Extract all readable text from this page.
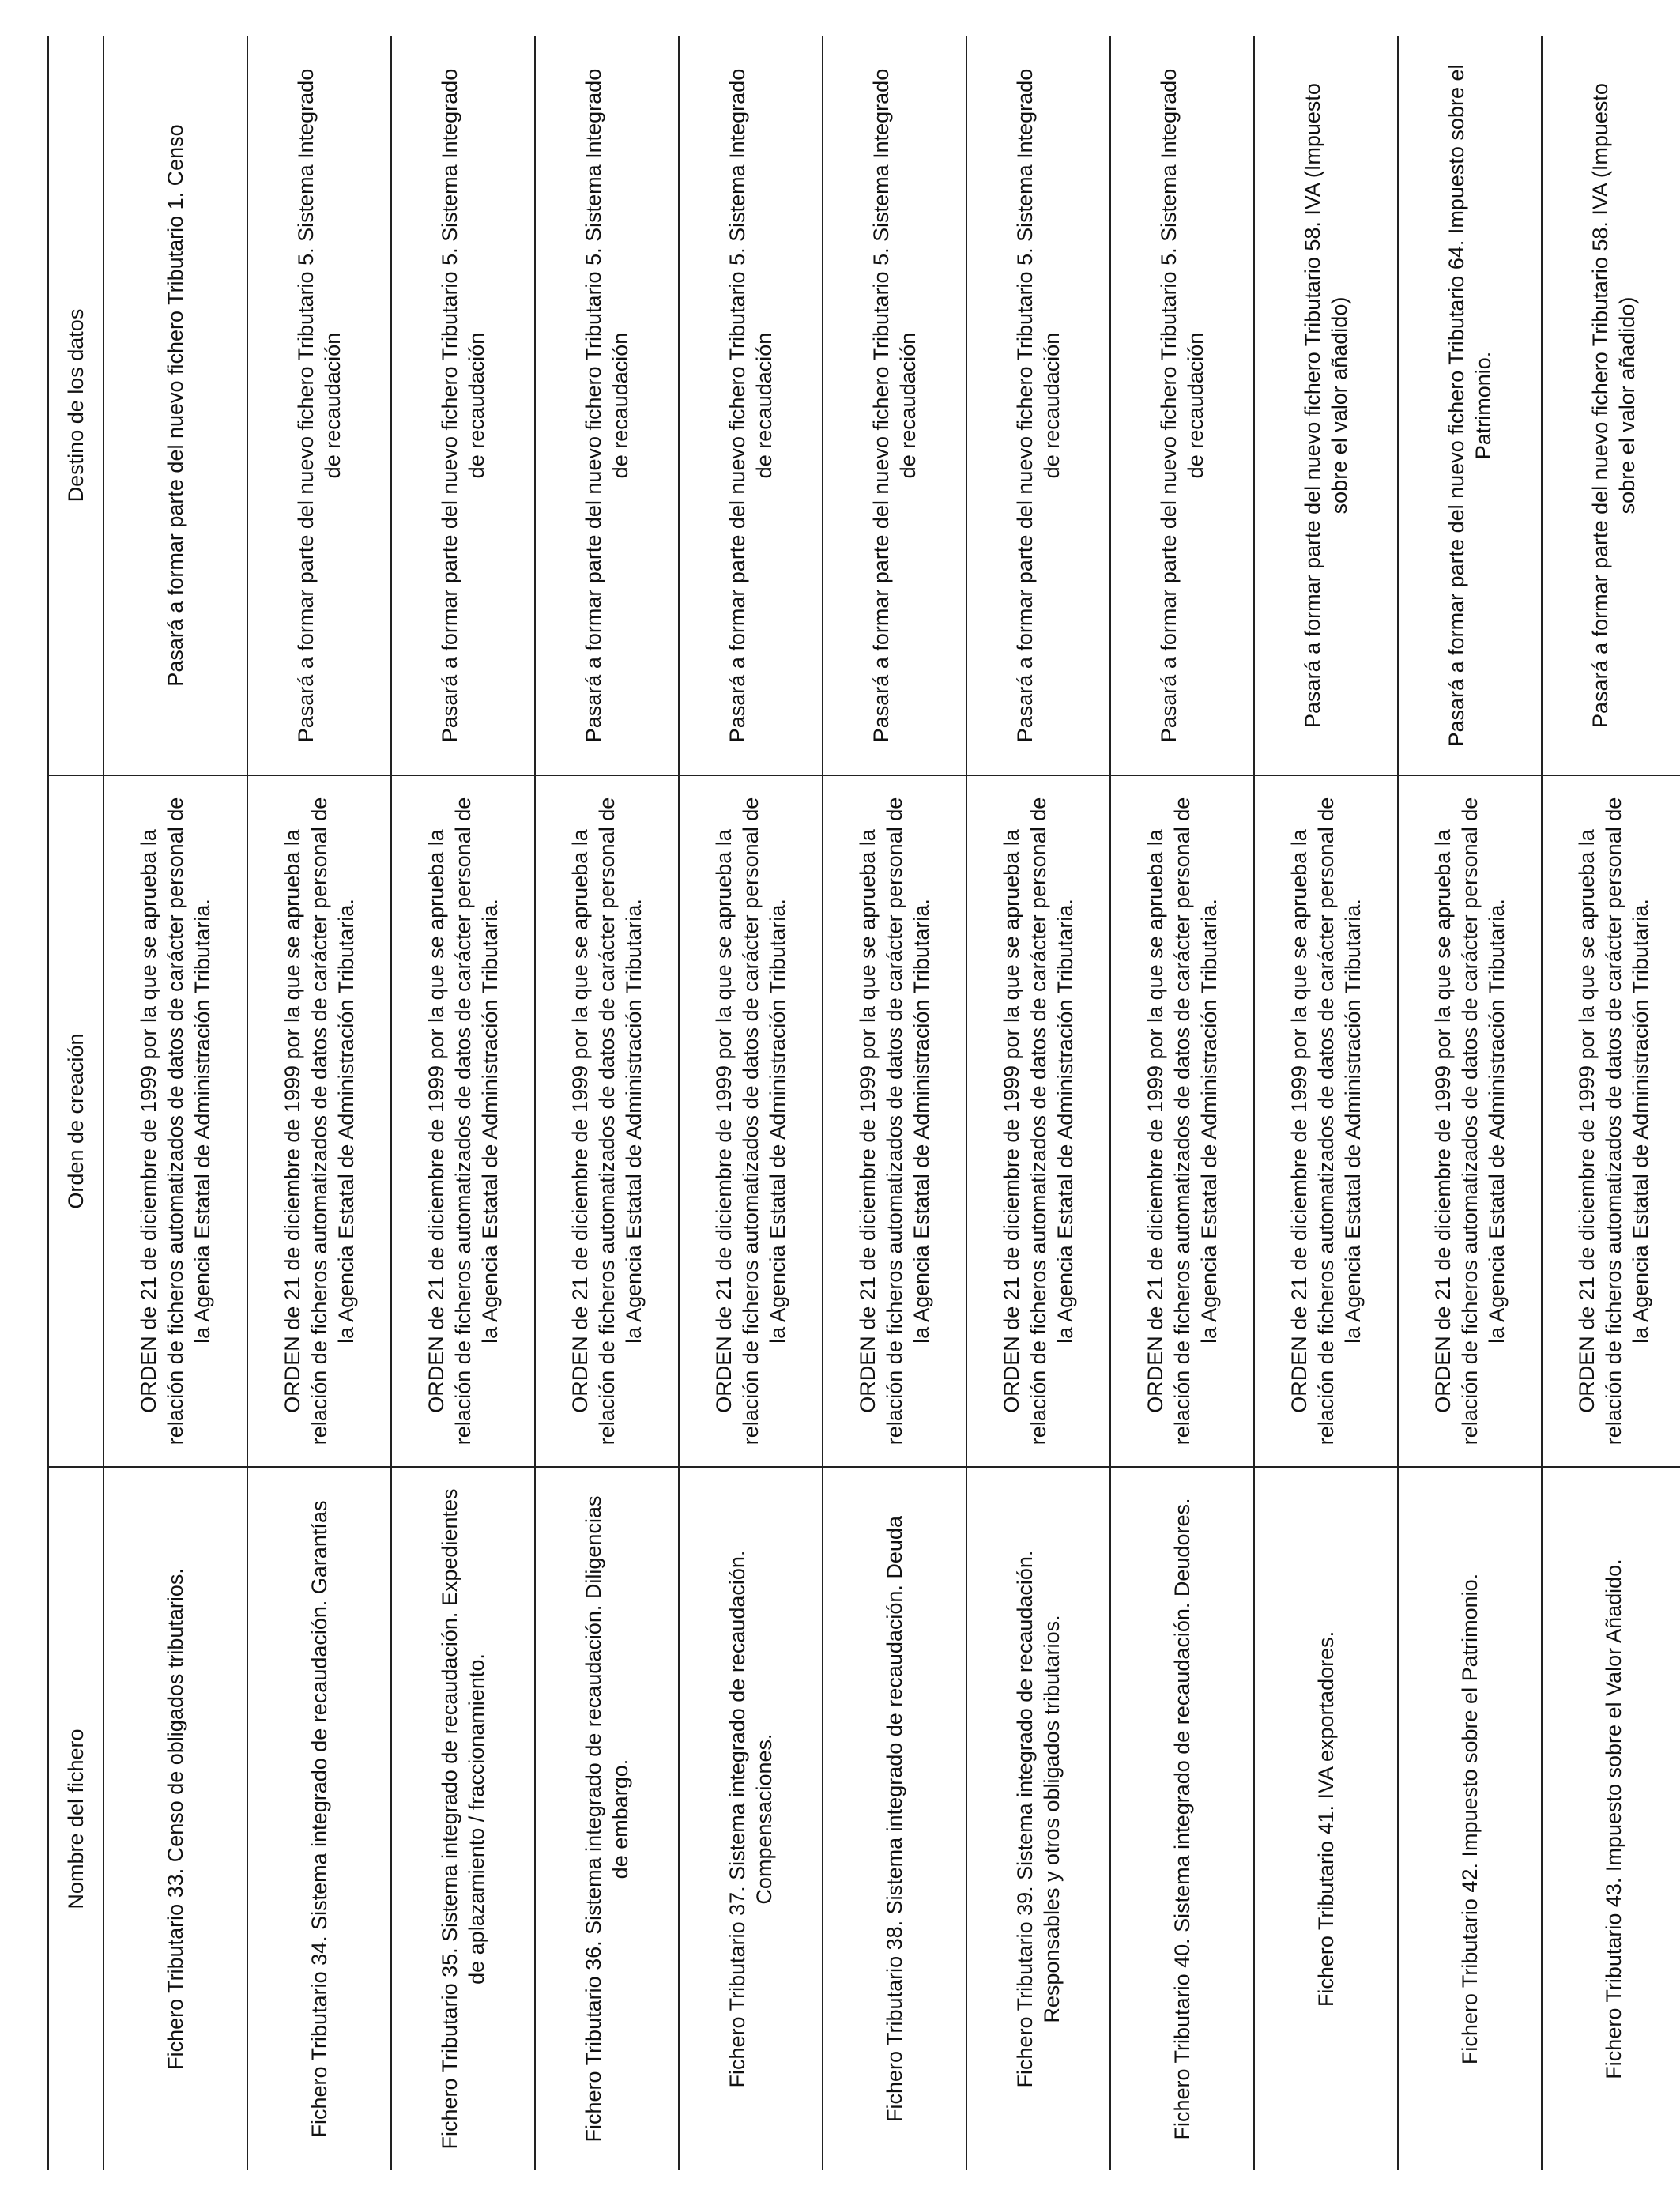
Nombre del fichero	Orden de creación	Destino de los datos
Fichero Tributario 33. Censo de obligados tributarios.	ORDEN de 21 de diciembre de 1999 por la que se aprueba la relación de ficheros automatizados de datos de carácter personal de la Agencia Estatal de Administración Tributaria.	Pasará a formar parte del nuevo fichero Tributario 1. Censo
Fichero Tributario 34. Sistema integrado de recaudación. Garantías	ORDEN de 21 de diciembre de 1999 por la que se aprueba la relación de ficheros automatizados de datos de carácter personal de la Agencia Estatal de Administración Tributaria.	Pasará a formar parte del nuevo fichero Tributario 5. Sistema Integrado de recaudación
Fichero Tributario 35. Sistema integrado de recaudación. Expedientes de aplazamiento / fraccionamiento.	ORDEN de 21 de diciembre de 1999 por la que se aprueba la relación de ficheros automatizados de datos de carácter personal de la Agencia Estatal de Administración Tributaria.	Pasará a formar parte del nuevo fichero Tributario 5. Sistema Integrado de recaudación
Fichero Tributario 36. Sistema integrado de recaudación. Diligencias de embargo.	ORDEN de 21 de diciembre de 1999 por la que se aprueba la relación de ficheros automatizados de datos de carácter personal de la Agencia Estatal de Administración Tributaria.	Pasará a formar parte del nuevo fichero Tributario 5. Sistema Integrado de recaudación
Fichero Tributario 37. Sistema integrado de recaudación. Compensaciones.	ORDEN de 21 de diciembre de 1999 por la que se aprueba la relación de ficheros automatizados de datos de carácter personal de la Agencia Estatal de Administración Tributaria.	Pasará a formar parte del nuevo fichero Tributario 5. Sistema Integrado de recaudación
Fichero Tributario 38. Sistema integrado de recaudación. Deuda	ORDEN de 21 de diciembre de 1999 por la que se aprueba la relación de ficheros automatizados de datos de carácter personal de la Agencia Estatal de Administración Tributaria.	Pasará a formar parte del nuevo fichero Tributario 5. Sistema Integrado de recaudación
Fichero Tributario 39. Sistema integrado de recaudación. Responsables y otros obligados tributarios.	ORDEN de 21 de diciembre de 1999 por la que se aprueba la relación de ficheros automatizados de datos de carácter personal de la Agencia Estatal de Administración Tributaria.	Pasará a formar parte del nuevo fichero Tributario 5. Sistema Integrado de recaudación
Fichero Tributario 40. Sistema integrado de recaudación. Deudores.	ORDEN de 21 de diciembre de 1999 por la que se aprueba la relación de ficheros automatizados de datos de carácter personal de la Agencia Estatal de Administración Tributaria.	Pasará a formar parte del nuevo fichero Tributario 5. Sistema Integrado de recaudación
Fichero Tributario 41. IVA exportadores.	ORDEN de 21 de diciembre de 1999 por la que se aprueba la relación de ficheros automatizados de datos de carácter personal de la Agencia Estatal de Administración Tributaria.	Pasará a formar parte del nuevo fichero Tributario 58. IVA (Impuesto sobre el valor añadido)
Fichero Tributario 42. Impuesto sobre el Patrimonio.	ORDEN de 21 de diciembre de 1999 por la que se aprueba la relación de ficheros automatizados de datos de carácter personal de la Agencia Estatal de Administración Tributaria.	Pasará a formar parte del nuevo fichero Tributario 64. Impuesto sobre el Patrimonio.
Fichero Tributario 43. Impuesto sobre el Valor Añadido.	ORDEN de 21 de diciembre de 1999 por la que se aprueba la relación de ficheros automatizados de datos de carácter personal de la Agencia Estatal de Administración Tributaria.	Pasará a formar parte del nuevo fichero Tributario 58. IVA (Impuesto sobre el valor añadido)
